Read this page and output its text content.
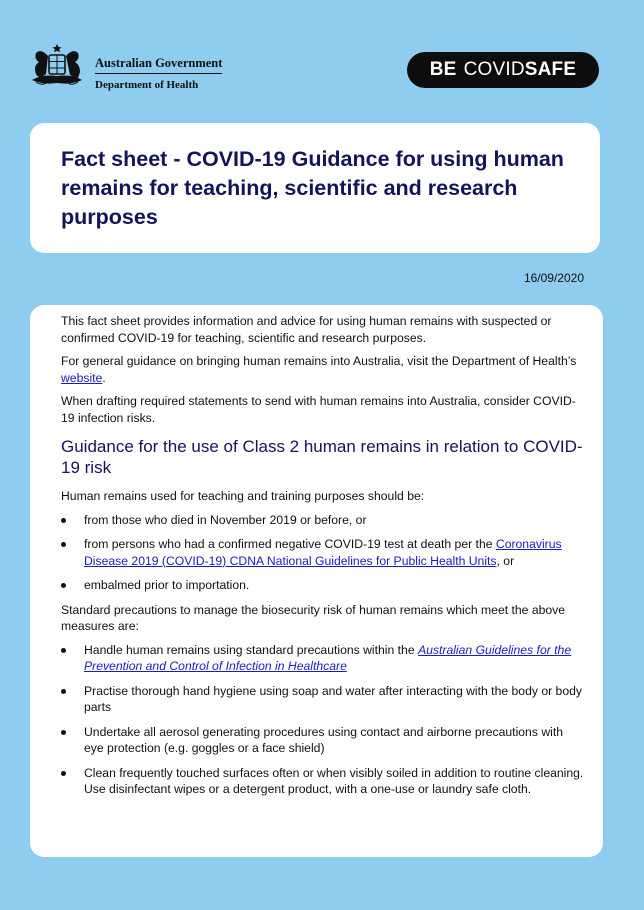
Australian Government
Department of Health
BE COVID SAFE
Fact sheet - COVID-19 Guidance for using human remains for teaching, scientific and research purposes
16/09/2020

This fact sheet provides information and advice for using human remains with suspected or confirmed COVID-19 for teaching, scientific and research purposes.

For general guidance on bringing human remains into Australia, visit the Department of Health’s website.

When drafting required statements to send with human remains into Australia, consider COVID-19 infection risks.

Guidance for the use of Class 2 human remains in relation to COVID-19 risk

Human remains used for teaching and training purposes should be:

from those who died in November 2019 or before, or
from persons who had a confirmed negative COVID-19 test at death per the Coronavirus Disease 2019 (COVID-19) CDNA National Guidelines for Public Health Units, or
embalmed prior to importation.

Standard precautions to manage the biosecurity risk of human remains which meet the above measures are:

Handle human remains using standard precautions within the Australian Guidelines for the Prevention and Control of Infection in Healthcare
Practise thorough hand hygiene using soap and water after interacting with the body or body parts
Undertake all aerosol generating procedures using contact and airborne precautions with eye protection (e.g. goggles or a face shield)
Clean frequently touched surfaces often or when visibly soiled in addition to routine cleaning. Use disinfectant wipes or a detergent product, with a one-use or laundry safe cloth.
